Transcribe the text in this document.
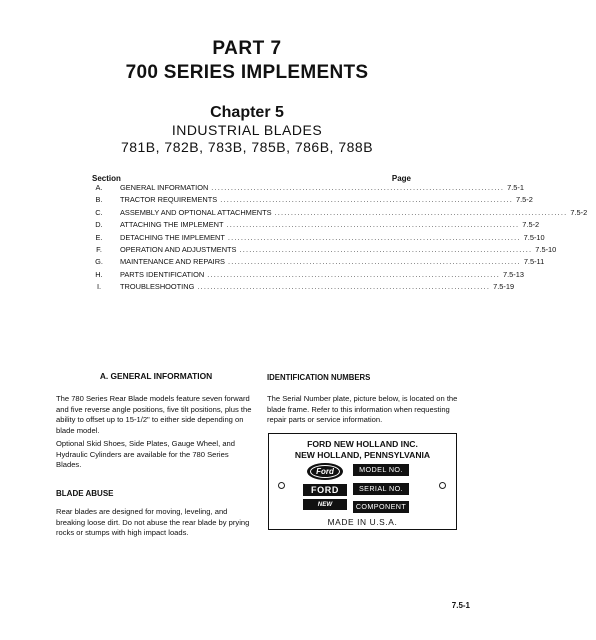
PART 7
700 SERIES IMPLEMENTS
Chapter 5
INDUSTRIAL BLADES
781B, 782B, 783B, 785B, 786B, 788B
Section	Page
A.	GENERAL INFORMATION .......................................................................................... 7.5-1
B.	TRACTOR REQUIREMENTS .......................................................................................... 7.5-2
C.	ASSEMBLY AND OPTIONAL ATTACHMENTS .......................................................................................... 7.5-2
D.	ATTACHING THE IMPLEMENT .......................................................................................... 7.5-2
E.	DETACHING THE IMPLEMENT .......................................................................................... 7.5-10
F.	OPERATION AND ADJUSTMENTS .......................................................................................... 7.5-10
G.	MAINTENANCE AND REPAIRS .......................................................................................... 7.5-11
H.	PARTS IDENTIFICATION .......................................................................................... 7.5-13
I.	TROUBLESHOOTING .......................................................................................... 7.5-19
A. GENERAL INFORMATION
The 780 Series Rear Blade models feature seven forward and five reverse angle positions, five tilt positions, plus the ability to offset up to 15-1/2" to either side depending on blade model.
Optional Skid Shoes, Side Plates, Gauge Wheel, and Hydraulic Cylinders are available for the 780 Series Blades.
BLADE ABUSE
Rear blades are designed for moving, leveling, and breaking loose dirt. Do not abuse the rear blade by prying rocks or stumps with high impact loads.
IDENTIFICATION NUMBERS
The Serial Number plate, picture below, is located on the blade frame. Refer to this information when requesting repair parts or service information.
FORD NEW HOLLAND INC.
NEW HOLLAND, PENNSYLVANIA
Ford
FORD
NEW HOLLAND
MODEL NO.
SERIAL NO.
COMPONENT
MADE IN U.S.A.
7.5-1
